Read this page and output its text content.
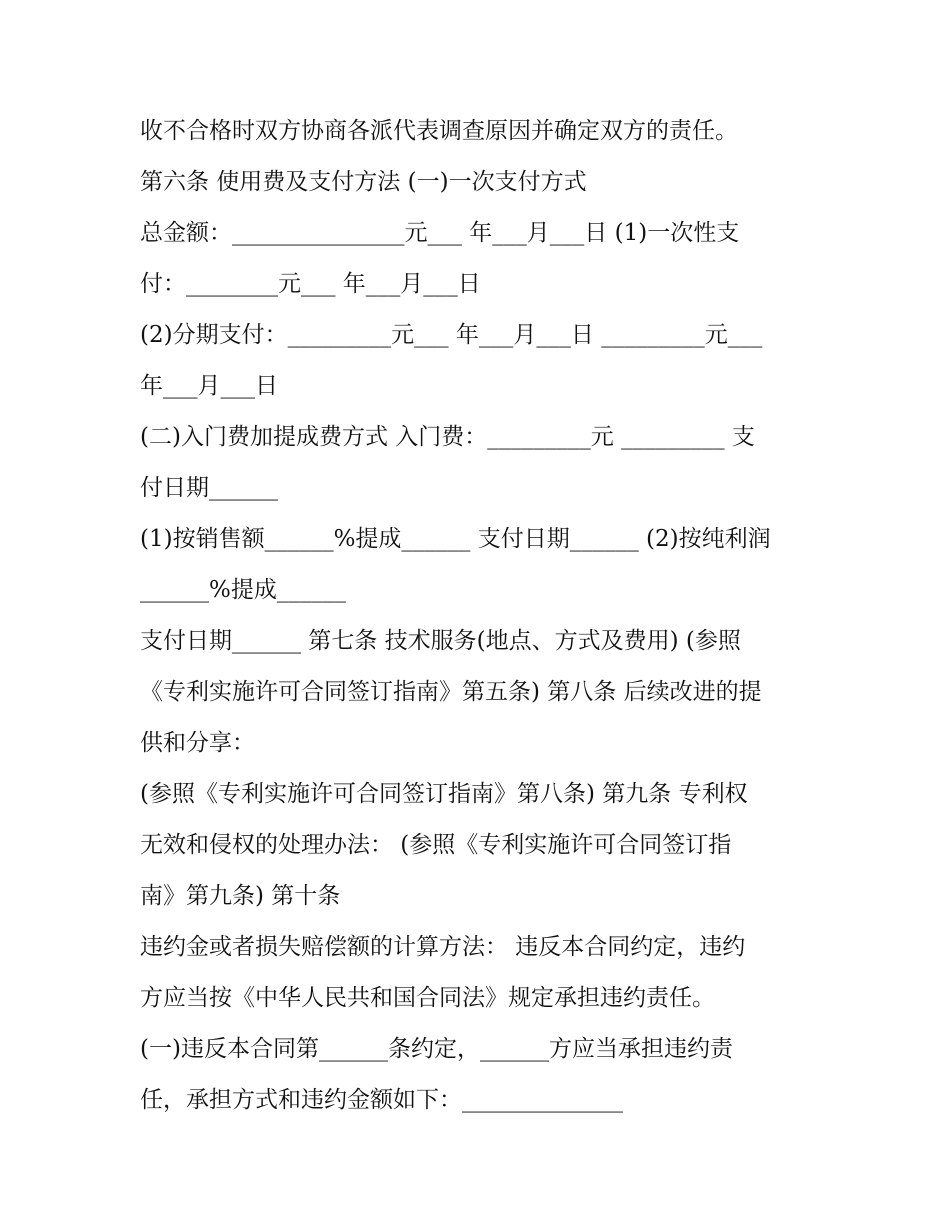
收不合格时双方协商各派代表调查原因并确定双方的责任。
第六条 使用费及支付方法 (一)一次支付方式
总金额：_______________元___ 年___月___日 (1)一次性支
付：________元___ 年___月___日
(2)分期支付：_________元___ 年___月___日 _________元___
年___月___日
(二)入门费加提成费方式 入门费：_________元 _________ 支
付日期______
(1)按销售额______%提成______ 支付日期______ (2)按纯利润
______%提成______
支付日期______ 第七条 技术服务(地点、方式及费用) (参照
《专利实施许可合同签订指南》第五条) 第八条 后续改进的提
供和分享：
(参照《专利实施许可合同签订指南》第八条) 第九条 专利权
无效和侵权的处理办法： (参照《专利实施许可合同签订指
南》第九条) 第十条
违约金或者损失赔偿额的计算方法： 违反本合同约定，违约
方应当按《中华人民共和国合同法》规定承担违约责任。
(一)违反本合同第______条约定，______方应当承担违约责
任，承担方式和违约金额如下：______________
